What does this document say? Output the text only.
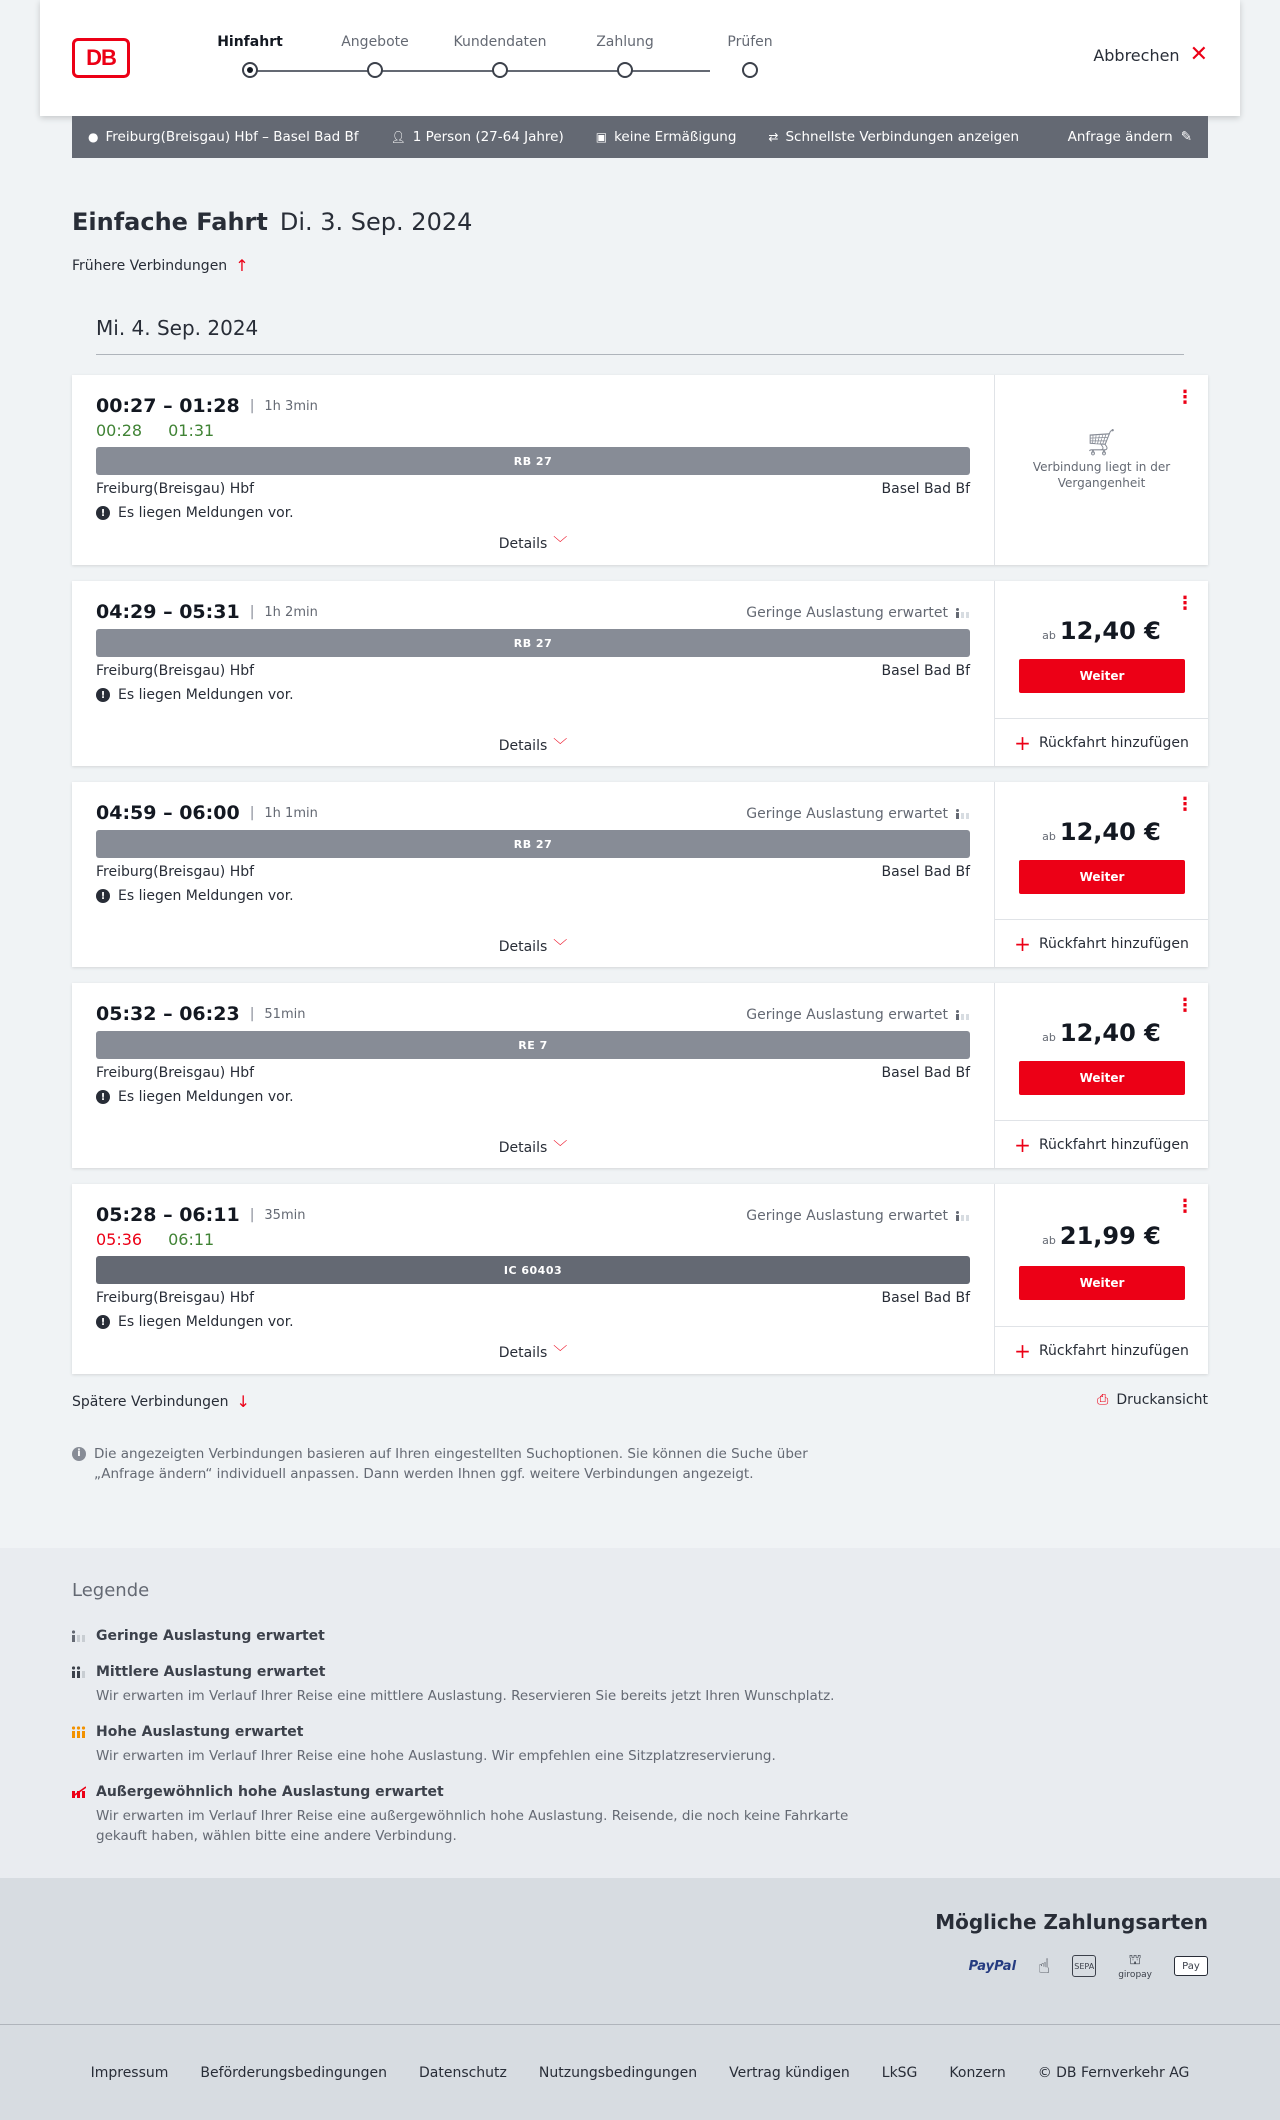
DB
Hinfahrt	Angebote	Kundendaten	Zahlung	Prüfen
Abbrechen ✕
● Freiburg(Breisgau) Hbf – Basel Bad Bf	👤︎ 1 Person (27-64 Jahre)	▣ keine Ermäßigung	⇄ Schnellste Verbindungen anzeigen	Anfrage ändern ✎
Einfache Fahrt Di. 3. Sep. 2024
Frühere Verbindungen ↑
Mi. 4. Sep. 2024
00:27 – 01:28 | 1h 3min
00:28 01:31
RB 27
Freiburg(Breisgau) Hbf	Basel Bad Bf
! Es liegen Meldungen vor.
Details ﹀
⋮
🛒︎
Verbindung liegt in der Vergangenheit
04:29 – 05:31 | 1h 2min	Geringe Auslastung erwartet
RB 27
Freiburg(Breisgau) Hbf	Basel Bad Bf
! Es liegen Meldungen vor.
Details ﹀
⋮
ab 12,40 €
Weiter
+ Rückfahrt hinzufügen
04:59 – 06:00 | 1h 1min	Geringe Auslastung erwartet
RB 27
Freiburg(Breisgau) Hbf	Basel Bad Bf
! Es liegen Meldungen vor.
Details ﹀
⋮
ab 12,40 €
Weiter
+ Rückfahrt hinzufügen
05:32 – 06:23 | 51min	Geringe Auslastung erwartet
RE 7
Freiburg(Breisgau) Hbf	Basel Bad Bf
! Es liegen Meldungen vor.
Details ﹀
⋮
ab 12,40 €
Weiter
+ Rückfahrt hinzufügen
05:28 – 06:11 | 35min	Geringe Auslastung erwartet
05:36 06:11
IC 60403
Freiburg(Breisgau) Hbf	Basel Bad Bf
! Es liegen Meldungen vor.
Details ﹀
⋮
ab 21,99 €
Weiter
+ Rückfahrt hinzufügen
Spätere Verbindungen ↓	⎙ Druckansicht
i Die angezeigten Verbindungen basieren auf Ihren eingestellten Suchoptionen. Sie können die Suche über „Anfrage ändern“ individuell anpassen. Dann werden Ihnen ggf. weitere Verbindungen angezeigt.
Legende
Geringe Auslastung erwartet
Mittlere Auslastung erwartet
Wir erwarten im Verlauf Ihrer Reise eine mittlere Auslastung. Reservieren Sie bereits jetzt Ihren Wunschplatz.
Hohe Auslastung erwartet
Wir erwarten im Verlauf Ihrer Reise eine hohe Auslastung. Wir empfehlen eine Sitzplatzreservierung.
Außergewöhnlich hohe Auslastung erwartet
Wir erwarten im Verlauf Ihrer Reise eine außergewöhnlich hohe Auslastung. Reisende, die noch keine Fahrkarte gekauft haben, wählen bitte eine andere Verbindung.
Mögliche Zahlungsarten
PayPal ☝︎	SEPA ⛫
giropay
Pay
Impressum Beförderungsbedingungen Datenschutz Nutzungsbedingungen Vertrag kündigen LkSG Konzern © DB Fernverkehr AG
